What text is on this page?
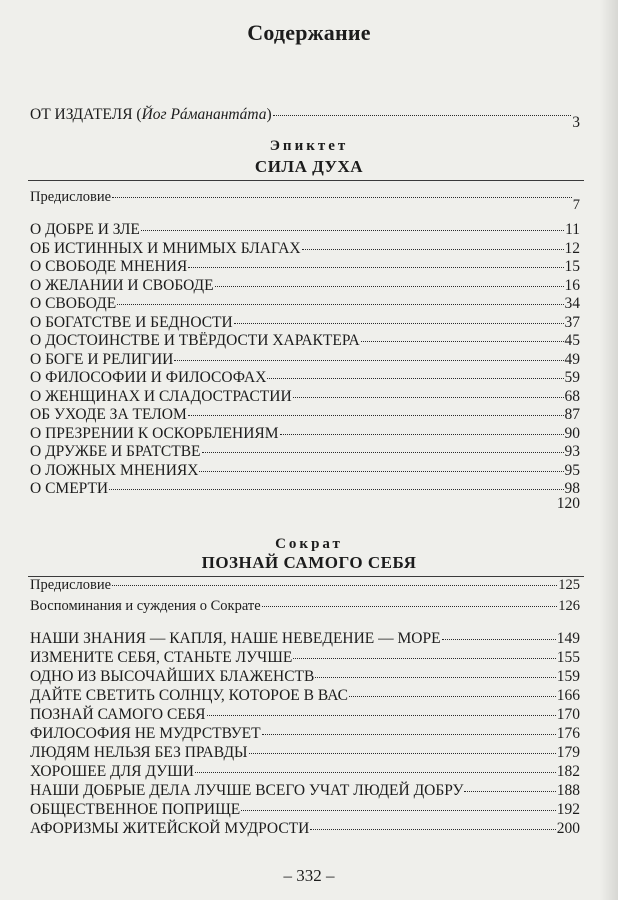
Содержание
ОТ ИЗДАТЕЛЯ (Йог Рáманантáта)	3
Эпиктет
СИЛА ДУХА
Предисловие	7
О ДОБРЕ И ЗЛЕ	11
ОБ ИСТИННЫХ И МНИМЫХ БЛАГАХ	12
О СВОБОДЕ МНЕНИЯ	15
О ЖЕЛАНИИ И СВОБОДЕ	16
О СВОБОДЕ	34
О БОГАТСТВЕ И БЕДНОСТИ	37
О ДОСТОИНСТВЕ И ТВЁРДОСТИ ХАРАКТЕРА	45
О БОГЕ И РЕЛИГИИ	49
О ФИЛОСОФИИ И ФИЛОСОФАХ	59
О ЖЕНЩИНАХ И СЛАДОСТРАСТИИ	68
ОБ УХОДЕ ЗА ТЕЛОМ	87
О ПРЕЗРЕНИИ К ОСКОРБЛЕНИЯМ	90
О ДРУЖБЕ И БРАТСТВЕ	93
О ЛОЖНЫХ МНЕНИЯХ	95
О СМЕРТИ	98
120
Сократ
ПОЗНАЙ САМОГО СЕБЯ
Предисловие	125
Воспоминания и суждения о Сократе	126
НАШИ ЗНАНИЯ — КАПЛЯ, НАШЕ НЕВЕДЕНИЕ — МОРЕ	149
ИЗМЕНИТЕ СЕБЯ, СТАНЬТЕ ЛУЧШЕ	155
ОДНО ИЗ ВЫСОЧАЙШИХ БЛАЖЕНСТВ	159
ДАЙТЕ СВЕТИТЬ СОЛНЦУ, КОТОРОЕ В ВАС	166
ПОЗНАЙ САМОГО СЕБЯ	170
ФИЛОСОФИЯ НЕ МУДРСТВУЕТ	176
ЛЮДЯМ НЕЛЬЗЯ БЕЗ ПРАВДЫ	179
ХОРОШЕЕ ДЛЯ ДУШИ	182
НАШИ ДОБРЫЕ ДЕЛА ЛУЧШЕ ВСЕГО УЧАТ ЛЮДЕЙ ДОБРУ	188
ОБЩЕСТВЕННОЕ ПОПРИЩЕ	192
АФОРИЗМЫ ЖИТЕЙСКОЙ МУДРОСТИ	200
– 332 –
